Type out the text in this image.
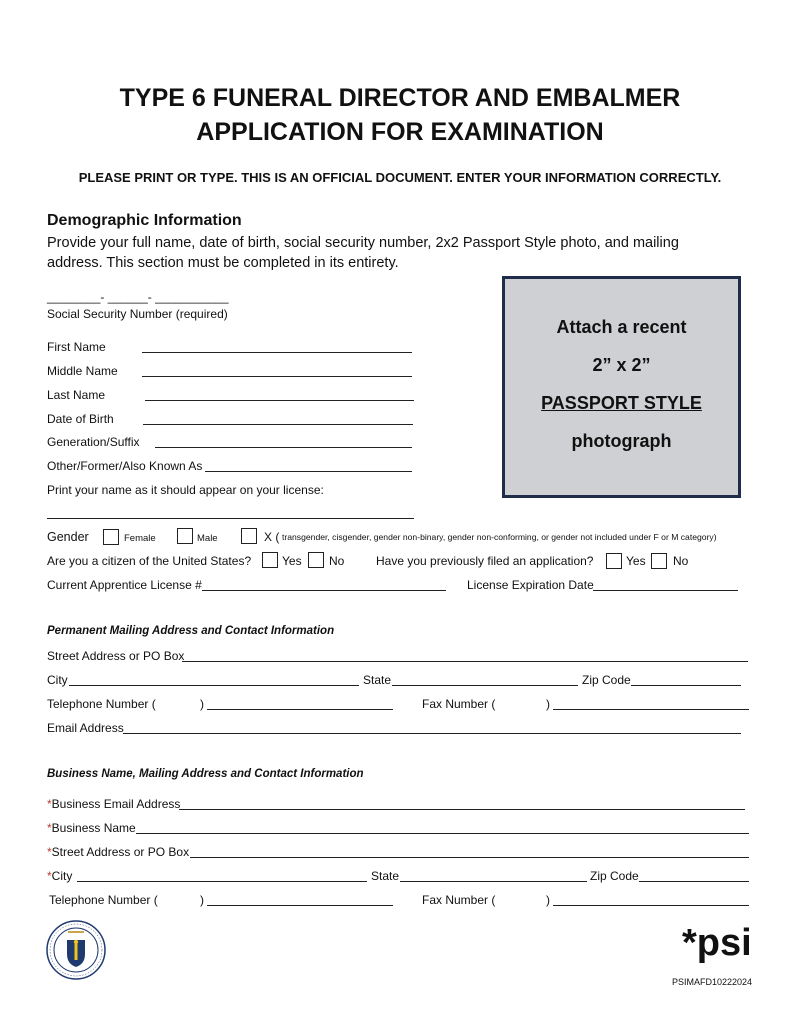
TYPE 6 FUNERAL DIRECTOR AND EMBALMER
APPLICATION FOR EXAMINATION
PLEASE PRINT OR TYPE. THIS IS AN OFFICIAL DOCUMENT. ENTER YOUR INFORMATION CORRECTLY.
Demographic Information
Provide your full name, date of birth, social security number, 2x2 Passport Style photo, and mailing address. This section must be completed in its entirety.
________- ______- ___________
Social Security Number (required)
First Name
Middle Name
Last Name
Date of Birth
Generation/Suffix
Other/Former/Also Known As
Print your name as it should appear on your license:
Attach a recent
2” x 2”
PASSPORT STYLE
photograph
Gender	Female	Male	X ( transgender, cisgender, gender non-binary, gender non-conforming, or gender not included under F or M category)
Are you a citizen of the United States?	Yes No	Have you previously filed an application?	Yes No
Current Apprentice License #	License Expiration Date
Permanent Mailing Address and Contact Information
Street Address or PO Box
City	State	Zip Code
Telephone Number (	)	Fax Number (	)
Email Address
Business Name, Mailing Address and Contact Information
*Business Email Address
*Business Name
*Street Address or PO Box
*City	State	Zip Code
Telephone Number (	)	Fax Number (	)
*psi
PSIMAFD10222024
